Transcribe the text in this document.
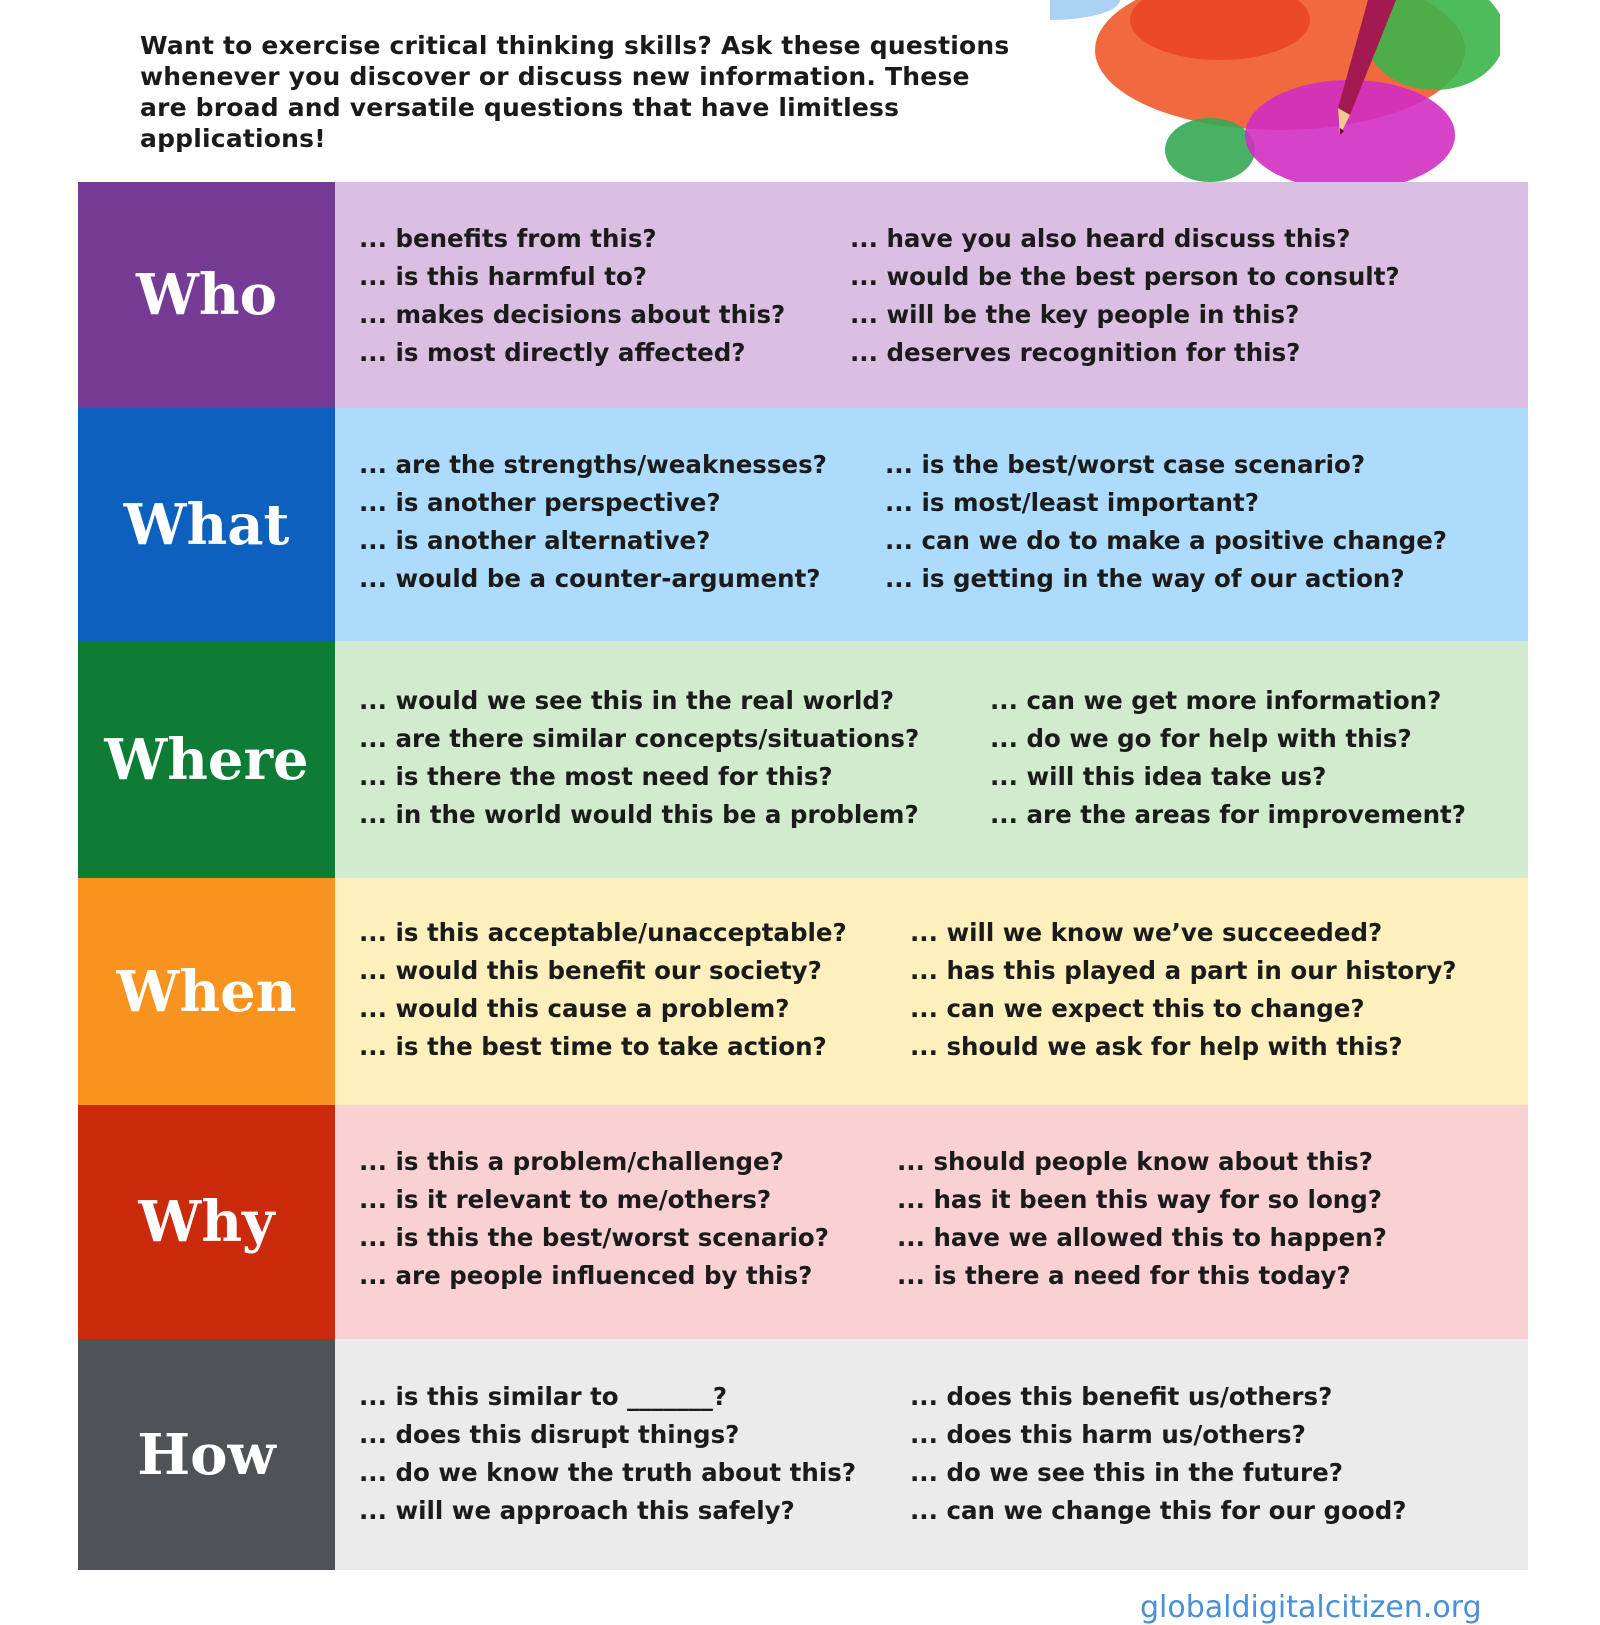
Want to exercise critical thinking skills? Ask these questions whenever you discover or discuss new information. These are broad and versatile questions that have limitless applications!
Who
... benefits from this?
... is this harmful to?
... makes decisions about this?
... is most directly affected?
... have you also heard discuss this?
... would be the best person to consult?
... will be the key people in this?
... deserves recognition for this?
What
... are the strengths/weaknesses?
... is another perspective?
... is another alternative?
... would be a counter-argument?
... is the best/worst case scenario?
... is most/least important?
... can we do to make a positive change?
... is getting in the way of our action?
Where
... would we see this in the real world?
... are there similar concepts/situations?
... is there the most need for this?
... in the world would this be a problem?
... can we get more information?
... do we go for help with this?
... will this idea take us?
... are the areas for improvement?
When
... is this acceptable/unacceptable?
... would this benefit our society?
... would this cause a problem?
... is the best time to take action?
... will we know we’ve succeeded?
... has this played a part in our history?
... can we expect this to change?
... should we ask for help with this?
Why
... is this a problem/challenge?
... is it relevant to me/others?
... is this the best/worst scenario?
... are people influenced by this?
... should people know about this?
... has it been this way for so long?
... have we allowed this to happen?
... is there a need for this today?
How
... is this similar to _______?
... does this disrupt things?
... do we know the truth about this?
... will we approach this safely?
... does this benefit us/others?
... does this harm us/others?
... do we see this in the future?
... can we change this for our good?
globaldigitalcitizen.org
